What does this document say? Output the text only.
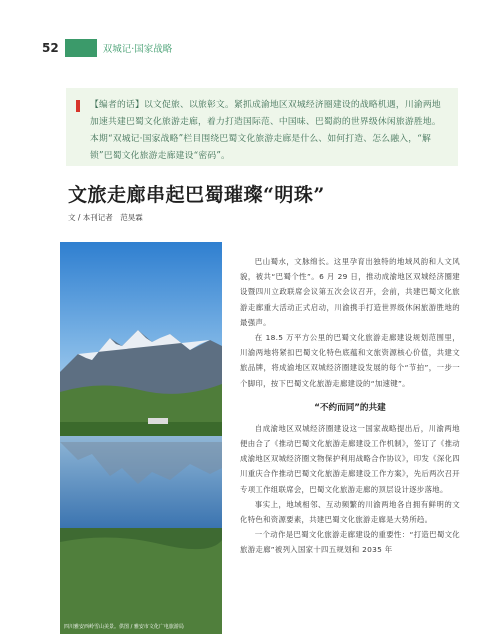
52	双城记·国家战略

【编者的话】以文促旅、以旅彰文。紧抓成渝地区双城经济圈建设的战略机遇，川渝两地加速共建巴蜀文化旅游走廊，着力打造国际范、中国味、巴蜀韵的世界级休闲旅游胜地。本期“双城记·国家战略”栏目围绕巴蜀文化旅游走廊是什么、如何打造、怎么融入，“解锁”巴蜀文化旅游走廊建设“密码”。

文旅走廊串起巴蜀璀璨“明珠”
文 / 本刊记者　范昊霖
四川雅安西岭雪山美景。供图 / 雅安市文化广电旅游局

巴山蜀水，文脉绵长。这里孕育出独特的地域风韵和人文风貌，被共“巴蜀个性”。6 月 29 日，推动成渝地区双城经济圈建设暨四川立政联席会议第五次会议召开，会前，共建巴蜀文化旅游走廊重大活动正式启动，川渝携手打造世界级休闲旅游胜地的最强声。

在 18.5 万平方公里的巴蜀文化旅游走廊建设规划范围里，川渝两地将紧扣巴蜀文化特色底蕴和文旅资源核心价值，共建文旅品牌，将成渝地区双城经济圈建设发展的每个“节拍”，一步一个脚印，按下巴蜀文化旅游走廊建设的“加速键”。

“不约而同”的共建

自成渝地区双城经济圈建设这一国家战略提出后，川渝两地便由合了《推动巴蜀文化旅游走廊建设工作机制》，签订了《推动成渝地区双城经济圈文物保护利用战略合作协议》，印发《深化四川重庆合作推动巴蜀文化旅游走廊建设工作方案》，先后两次召开专项工作组联席会，巴蜀文化旅游走廊的顶层设计逐步落地。

事实上，地域相邻、互动频繁的川渝两地各自拥有鲜明的文化特色和资源要素，共建巴蜀文化旅游走廊是大势所趋。

一个动作是巴蜀文化旅游走廊建设的重要性：“打造巴蜀文化旅游走廊”被列入国家十四五规划和 2035 年
